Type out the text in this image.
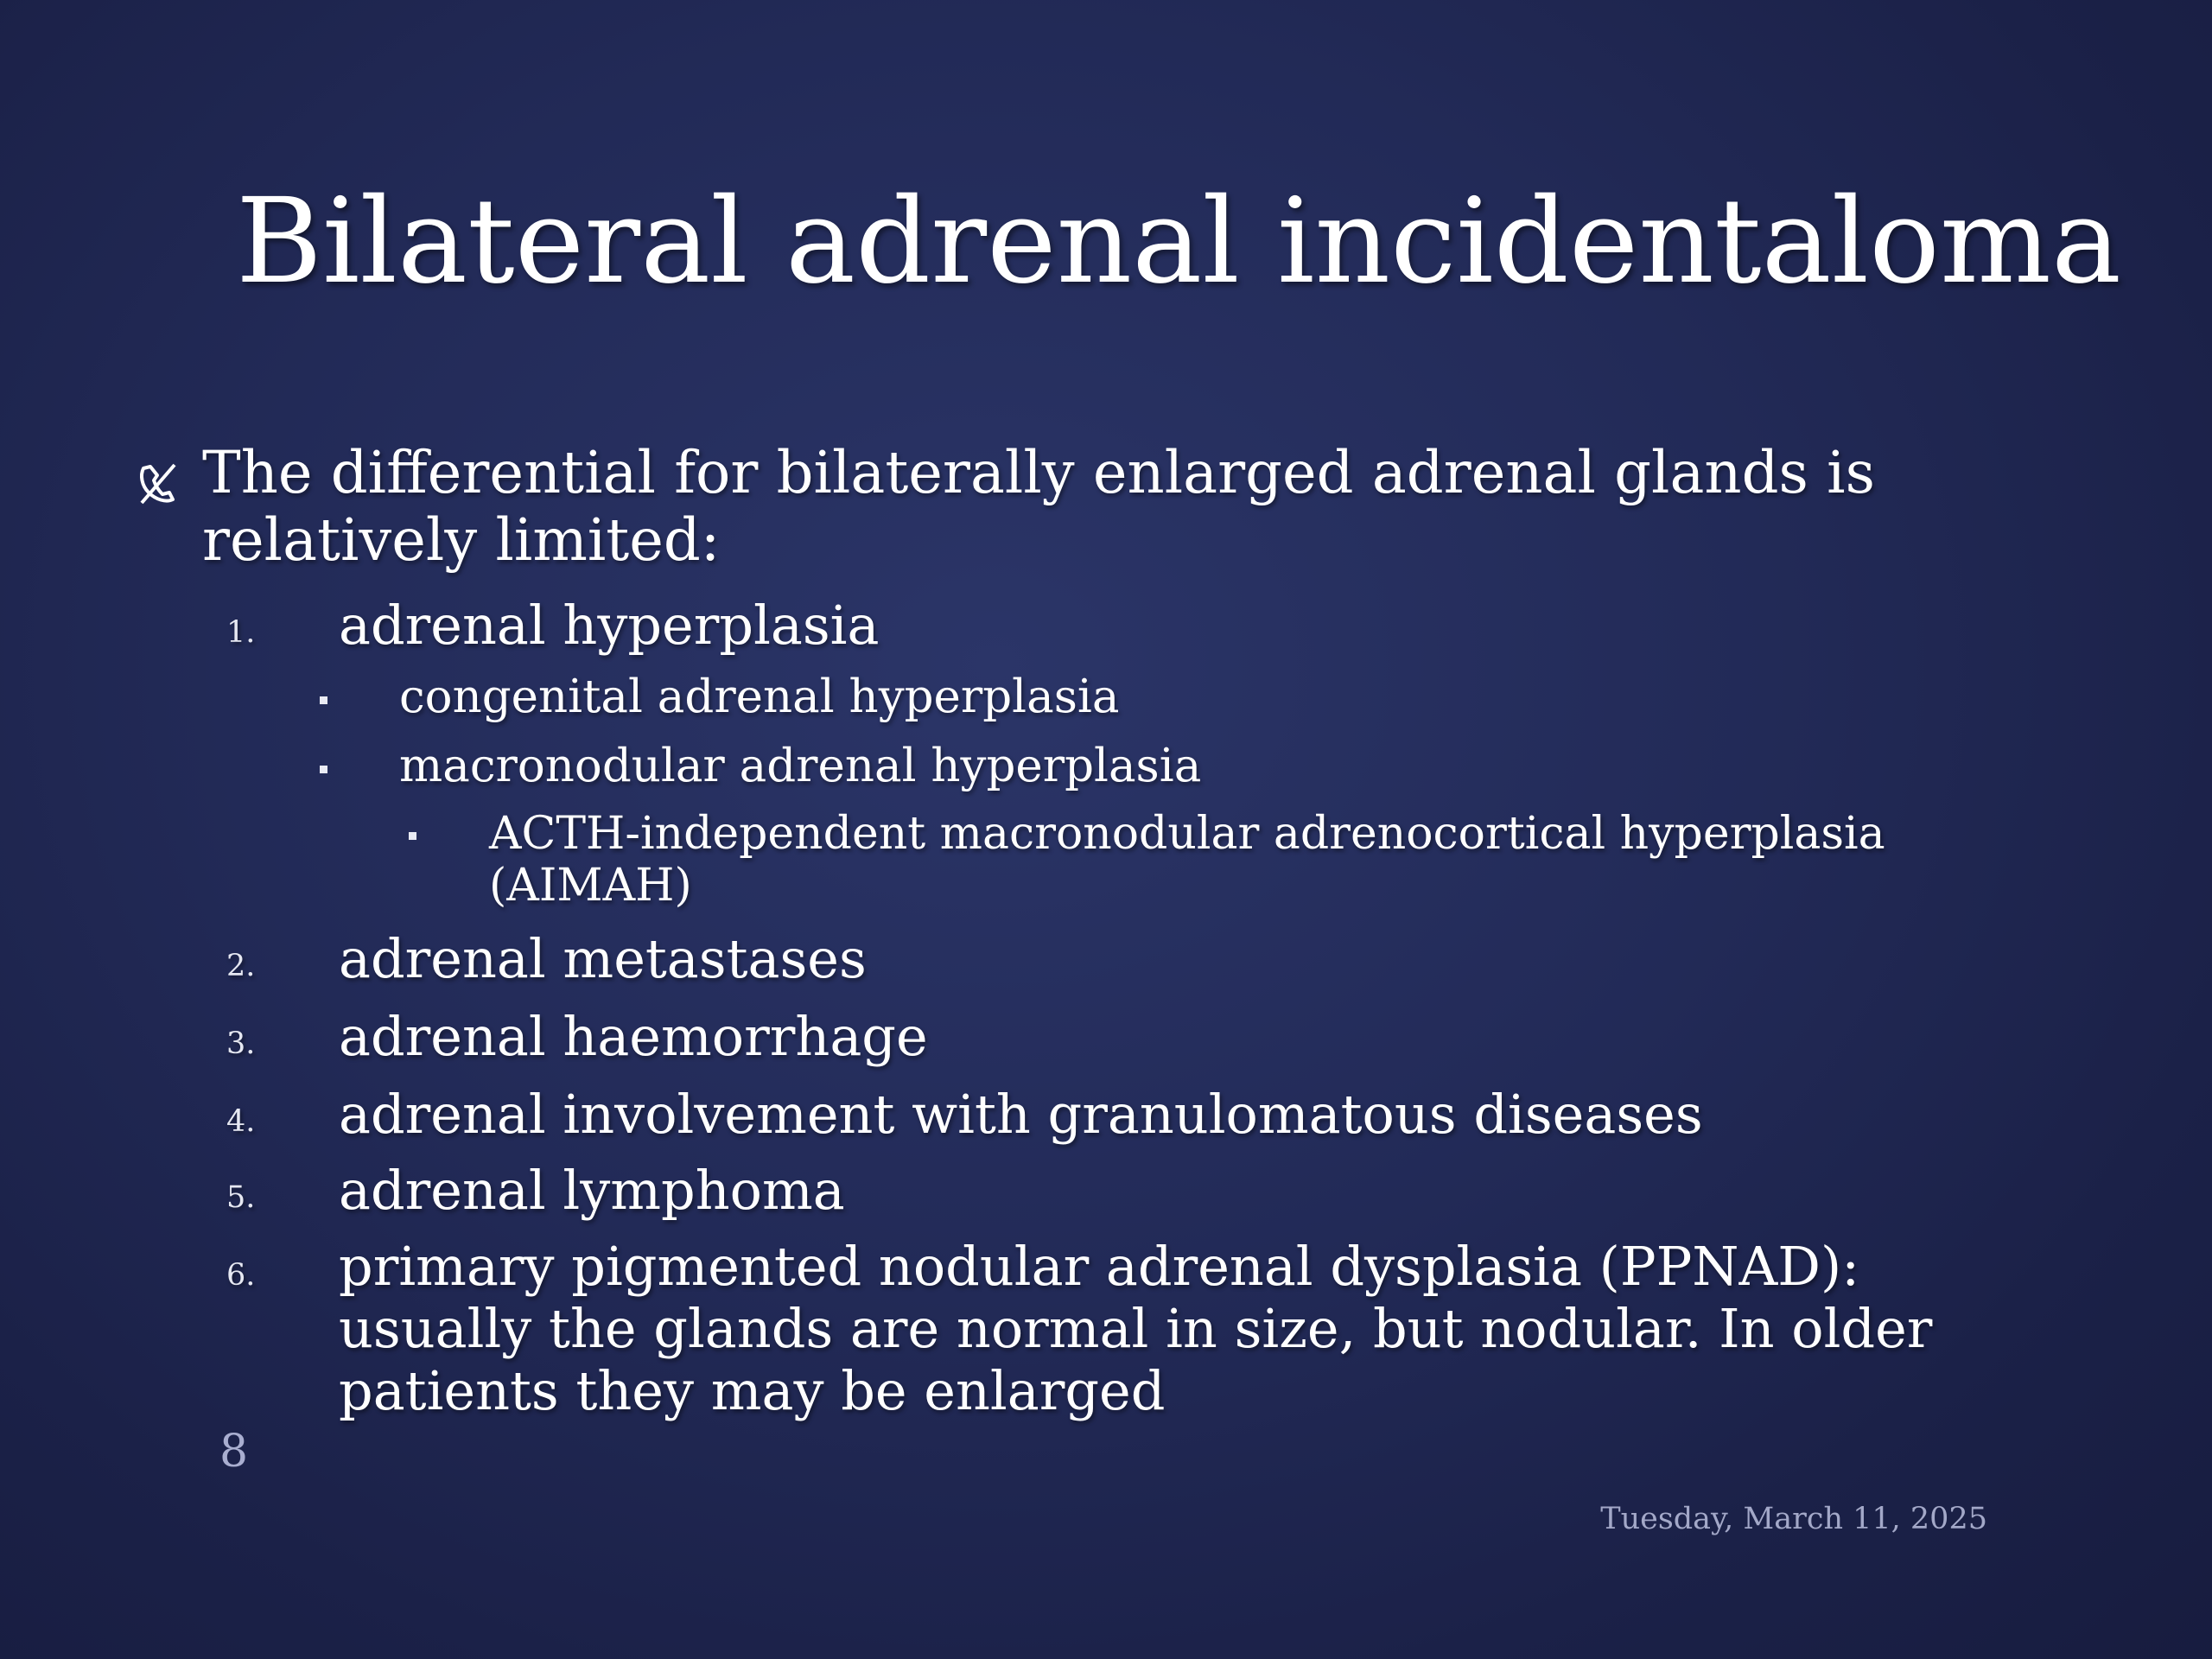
Bilateral adrenal incidentaloma
The differential for bilaterally enlarged adrenal glands is
relatively limited:
1. adrenal hyperplasia
congenital adrenal hyperplasia
macronodular adrenal hyperplasia
ACTH-independent macronodular adrenocortical hyperplasia
(AIMAH)
2. adrenal metastases
3. adrenal haemorrhage
4. adrenal involvement with granulomatous diseases
5. adrenal lymphoma
6. primary pigmented nodular adrenal dysplasia (PPNAD):
usually the glands are normal in size, but nodular. In older
patients they may be enlarged
8
Tuesday, March 11, 2025
